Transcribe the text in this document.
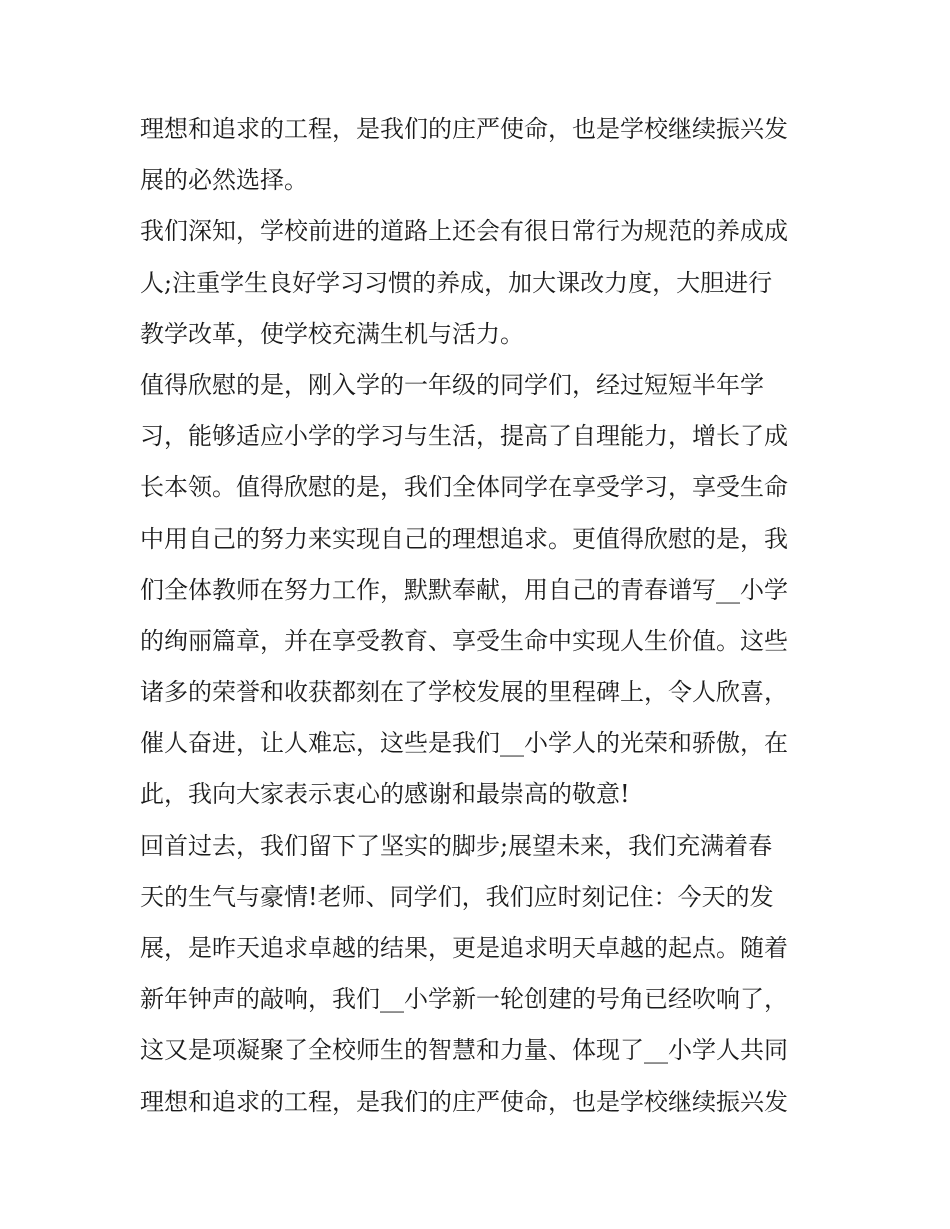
理想和追求的工程，是我们的庄严使命，也是学校继续振兴发
展的必然选择。
我们深知，学校前进的道路上还会有很日常行为规范的养成成
人;注重学生良好学习习惯的养成，加大课改力度，大胆进行
教学改革，使学校充满生机与活力。
值得欣慰的是，刚入学的一年级的同学们，经过短短半年学
习，能够适应小学的学习与生活，提高了自理能力，增长了成
长本领。值得欣慰的是，我们全体同学在享受学习，享受生命
中用自己的努力来实现自己的理想追求。更值得欣慰的是，我
们全体教师在努力工作，默默奉献，用自己的青春谱写__小学
的绚丽篇章，并在享受教育、享受生命中实现人生价值。这些
诸多的荣誉和收获都刻在了学校发展的里程碑上，令人欣喜，
催人奋进，让人难忘，这些是我们__小学人的光荣和骄傲，在
此，我向大家表示衷心的感谢和最崇高的敬意!
回首过去，我们留下了坚实的脚步;展望未来，我们充满着春
天的生气与豪情!老师、同学们，我们应时刻记住：今天的发
展，是昨天追求卓越的结果，更是追求明天卓越的起点。随着
新年钟声的敲响，我们__小学新一轮创建的号角已经吹响了，
这又是项凝聚了全校师生的智慧和力量、体现了__小学人共同
理想和追求的工程，是我们的庄严使命，也是学校继续振兴发
